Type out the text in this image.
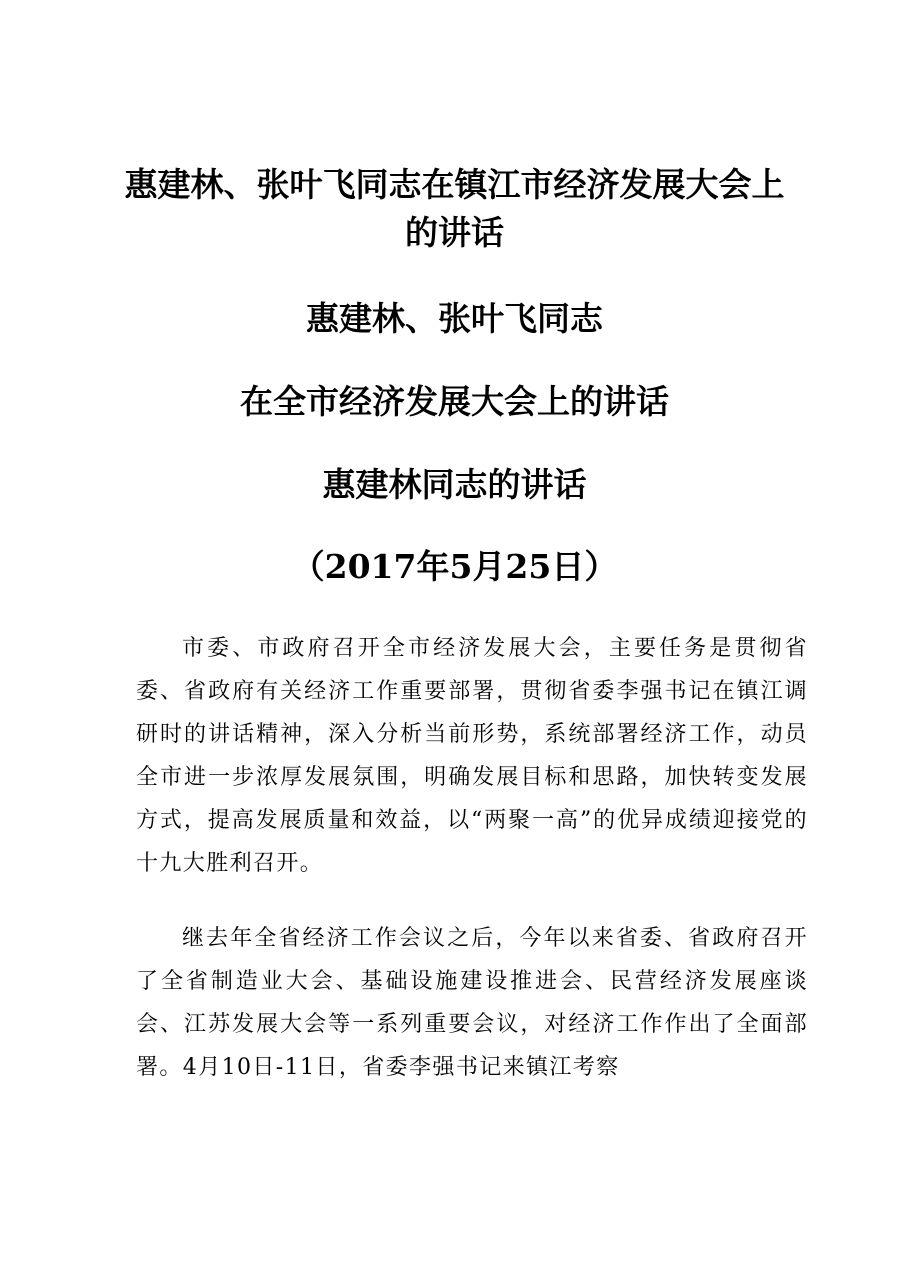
惠建林、张叶飞同志在镇江市经济发展大会上
的讲话
惠建林、张叶飞同志
在全市经济发展大会上的讲话
惠建林同志的讲话
（2017年5月25日）

市委、市政府召开全市经济发展大会，主要任务是贯彻省委、省政府有关经济工作重要部署，贯彻省委李强书记在镇江调研时的讲话精神，深入分析当前形势，系统部署经济工作，动员全市进一步浓厚发展氛围，明确发展目标和思路，加快转变发展方式，提高发展质量和效益，以“两聚一高”的优异成绩迎接党的十九大胜利召开。

继去年全省经济工作会议之后，今年以来省委、省政府召开了全省制造业大会、基础设施建设推进会、民营经济发展座谈会、江苏发展大会等一系列重要会议，对经济工作作出了全面部署。4月10日-11日，省委李强书记来镇江考察
